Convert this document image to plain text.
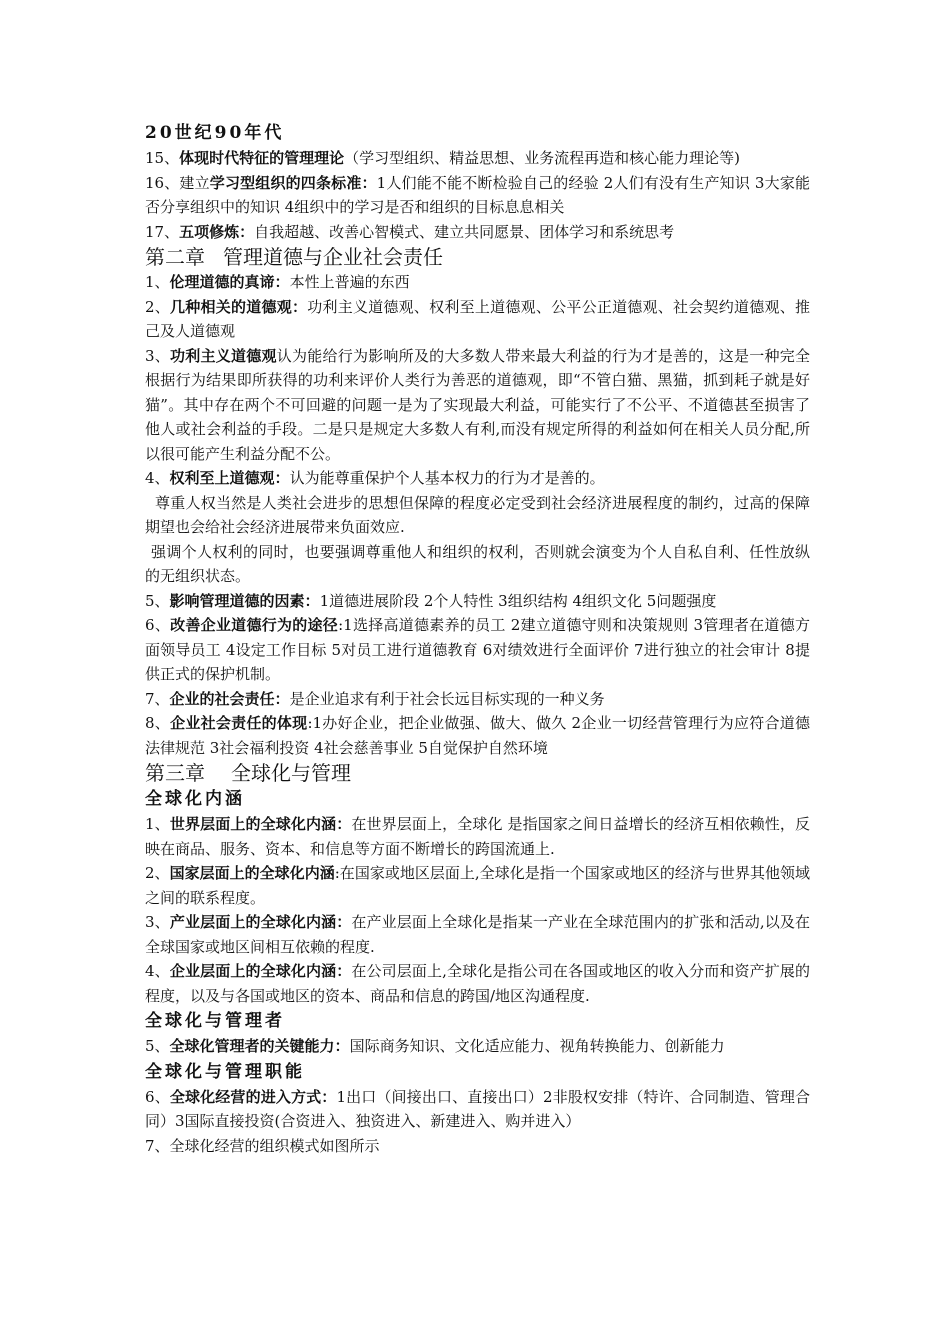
20世纪90年代

15、体现时代特征的管理理论（学习型组织、精益思想、业务流程再造和核心能力理论等)

16、建立学习型组织的四条标准：1人们能不能不断检验自己的经验 2人们有没有生产知识 3大家能否分享组织中的知识 4组织中的学习是否和组织的目标息息相关

17、五项修炼：自我超越、改善心智模式、建立共同愿景、团体学习和系统思考

第二章 管理道德与企业社会责任

1、伦理道德的真谛：本性上普遍的东西

2、几种相关的道德观：功利主义道德观、权利至上道德观、公平公正道德观、社会契约道德观、推己及人道德观

3、功利主义道德观认为能给行为影响所及的大多数人带来最大利益的行为才是善的，这是一种完全根据行为结果即所获得的功利来评价人类行为善恶的道德观，即“不管白猫、黑猫，抓到耗子就是好猫”。其中存在两个不可回避的问题一是为了实现最大利益，可能实行了不公平、不道德甚至损害了他人或社会利益的手段。二是只是规定大多数人有利,而没有规定所得的利益如何在相关人员分配,所以很可能产生利益分配不公。

4、权利至上道德观：认为能尊重保护个人基本权力的行为才是善的。

尊重人权当然是人类社会进步的思想但保障的程度必定受到社会经济进展程度的制约，过高的保障期望也会给社会经济进展带来负面效应.

强调个人权利的同时，也要强调尊重他人和组织的权利，否则就会演变为个人自私自利、任性放纵的无组织状态。

5、影响管理道德的因素：1道德进展阶段 2个人特性 3组织结构 4组织文化 5问题强度

6、改善企业道德行为的途径:1选择高道德素养的员工 2建立道德守则和决策规则 3管理者在道德方面领导员工 4设定工作目标 5对员工进行道德教育 6对绩效进行全面评价 7进行独立的社会审计 8提供正式的保护机制。

7、企业的社会责任：是企业追求有利于社会长远目标实现的一种义务

8、企业社会责任的体现:1办好企业，把企业做强、做大、做久 2企业一切经营管理行为应符合道德法律规范 3社会福利投资 4社会慈善事业 5自觉保护自然环境

第三章 全球化与管理

全球化内涵

1、世界层面上的全球化内涵：在世界层面上，全球化 是指国家之间日益增长的经济互相依赖性，反映在商品、服务、资本、和信息等方面不断增长的跨国流通上.

2、国家层面上的全球化内涵:在国家或地区层面上,全球化是指一个国家或地区的经济与世界其他领域之间的联系程度。

3、产业层面上的全球化内涵：在产业层面上全球化是指某一产业在全球范围内的扩张和活动,以及在全球国家或地区间相互依赖的程度.

4、企业层面上的全球化内涵：在公司层面上,全球化是指公司在各国或地区的收入分而和资产扩展的程度，以及与各国或地区的资本、商品和信息的跨国/地区沟通程度.

全球化与管理者

5、全球化管理者的关键能力：国际商务知识、文化适应能力、视角转换能力、创新能力

全球化与管理职能

6、全球化经营的进入方式：1出口（间接出口、直接出口）2非股权安排（特许、合同制造、管理合同）3国际直接投资(合资进入、独资进入、新建进入、购并进入）

7、全球化经营的组织模式如图所示
